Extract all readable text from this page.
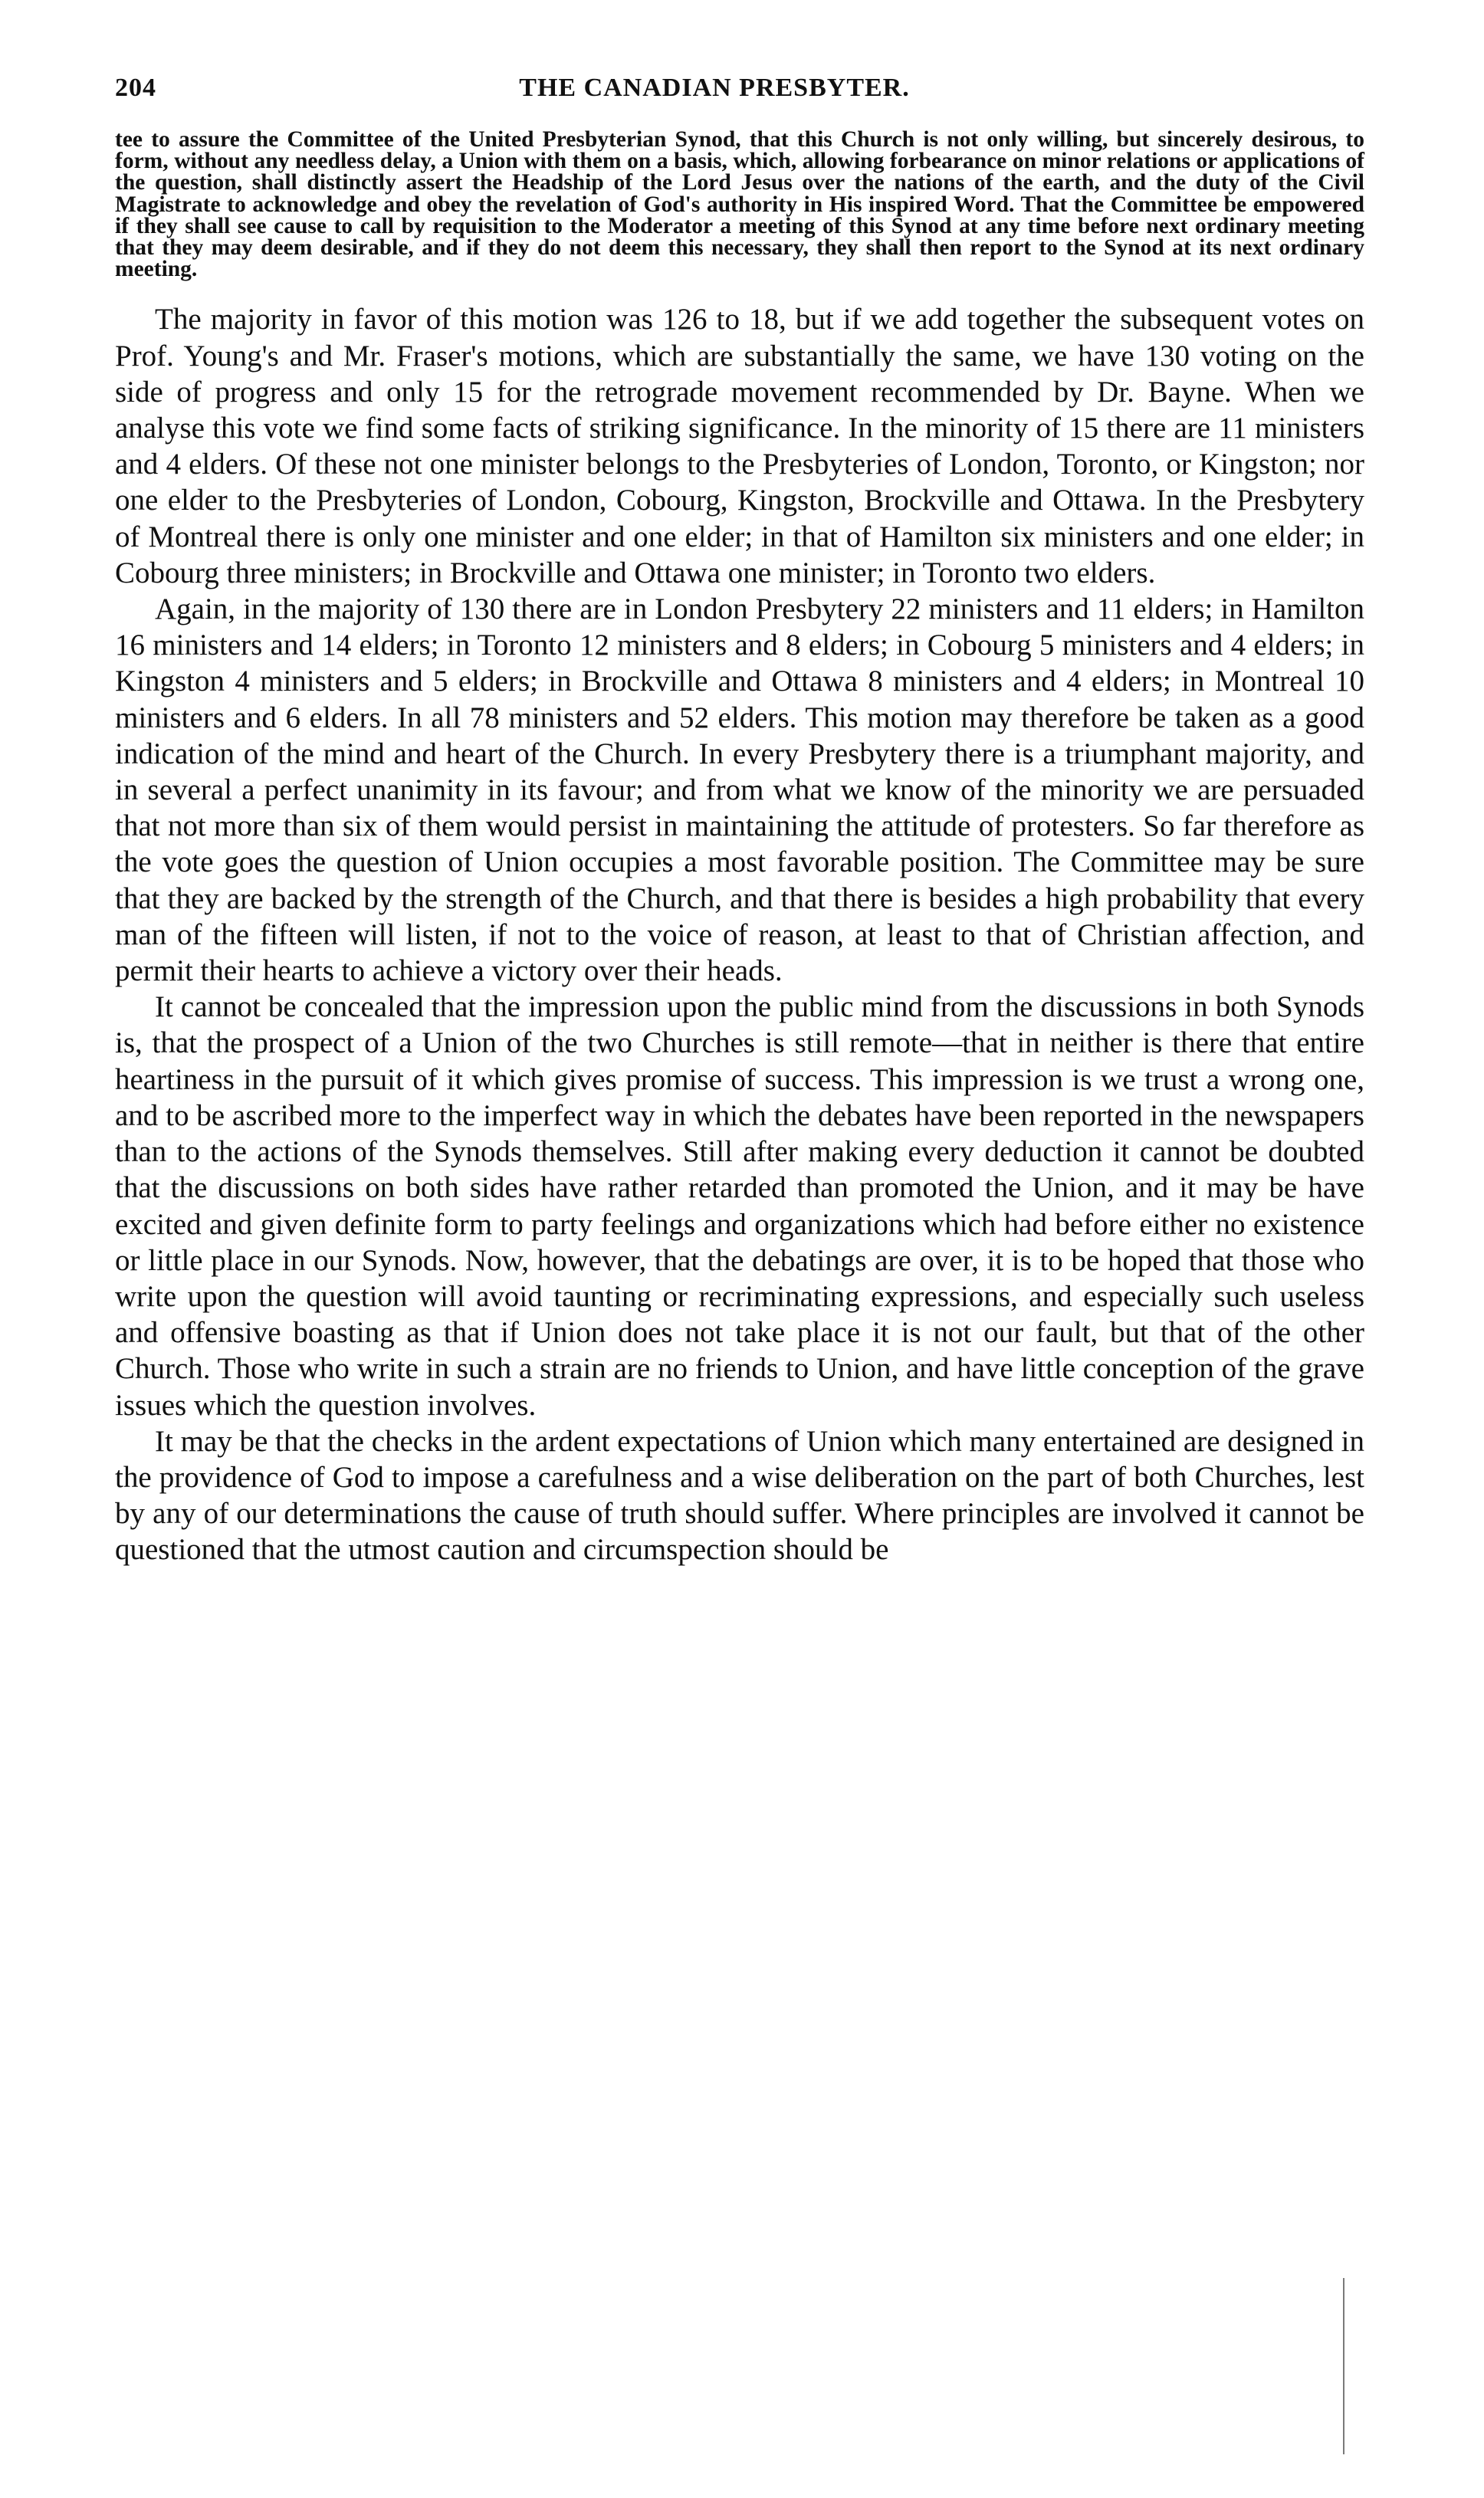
204	THE CANADIAN PRESBYTER.

tee to assure the Committee of the United Presbyterian Synod, that this Church is not only willing, but sincerely desirous, to form, without any needless delay, a Union with them on a basis, which, allowing forbearance on minor relations or applications of the question, shall distinctly assert the Headship of the Lord Jesus over the nations of the earth, and the duty of the Civil Magistrate to acknowledge and obey the revelation of God's authority in His inspired Word. That the Committee be empowered if they shall see cause to call by requisition to the Moderator a meeting of this Synod at any time before next ordinary meeting that they may deem desirable, and if they do not deem this necessary, they shall then report to the Synod at its next ordinary meeting.

The majority in favor of this motion was 126 to 18, but if we add together the subsequent votes on Prof. Young's and Mr. Fraser's motions, which are substantially the same, we have 130 voting on the side of progress and only 15 for the retrograde movement recommended by Dr. Bayne. When we analyse this vote we find some facts of striking significance. In the minority of 15 there are 11 ministers and 4 elders. Of these not one minister belongs to the Presbyteries of London, Toronto, or Kingston; nor one elder to the Presbyteries of London, Cobourg, Kingston, Brockville and Ottawa. In the Presbytery of Montreal there is only one minister and one elder; in that of Hamilton six ministers and one elder; in Cobourg three ministers; in Brockville and Ottawa one minister; in Toronto two elders.

Again, in the majority of 130 there are in London Presbytery 22 ministers and 11 elders; in Hamilton 16 ministers and 14 elders; in Toronto 12 ministers and 8 elders; in Cobourg 5 ministers and 4 elders; in Kingston 4 ministers and 5 elders; in Brockville and Ottawa 8 ministers and 4 elders; in Montreal 10 ministers and 6 elders. In all 78 ministers and 52 elders. This motion may therefore be taken as a good indication of the mind and heart of the Church. In every Presbytery there is a triumphant majority, and in several a perfect unanimity in its favour; and from what we know of the minority we are persuaded that not more than six of them would persist in maintaining the attitude of protesters. So far therefore as the vote goes the question of Union occupies a most favorable position. The Committee may be sure that they are backed by the strength of the Church, and that there is besides a high probability that every man of the fifteen will listen, if not to the voice of reason, at least to that of Christian affection, and permit their hearts to achieve a victory over their heads.

It cannot be concealed that the impression upon the public mind from the discussions in both Synods is, that the prospect of a Union of the two Churches is still remote—that in neither is there that entire heartiness in the pursuit of it which gives promise of success. This impression is we trust a wrong one, and to be ascribed more to the imperfect way in which the debates have been reported in the newspapers than to the actions of the Synods themselves. Still after making every deduction it cannot be doubted that the discussions on both sides have rather retarded than promoted the Union, and it may be have excited and given definite form to party feelings and organizations which had before either no existence or little place in our Synods. Now, however, that the debatings are over, it is to be hoped that those who write upon the question will avoid taunting or recriminating expressions, and especially such useless and offensive boasting as that if Union does not take place it is not our fault, but that of the other Church. Those who write in such a strain are no friends to Union, and have little conception of the grave issues which the question involves.

It may be that the checks in the ardent expectations of Union which many entertained are designed in the providence of God to impose a carefulness and a wise deliberation on the part of both Churches, lest by any of our determinations the cause of truth should suffer. Where principles are involved it cannot be questioned that the utmost caution and circumspection should be
